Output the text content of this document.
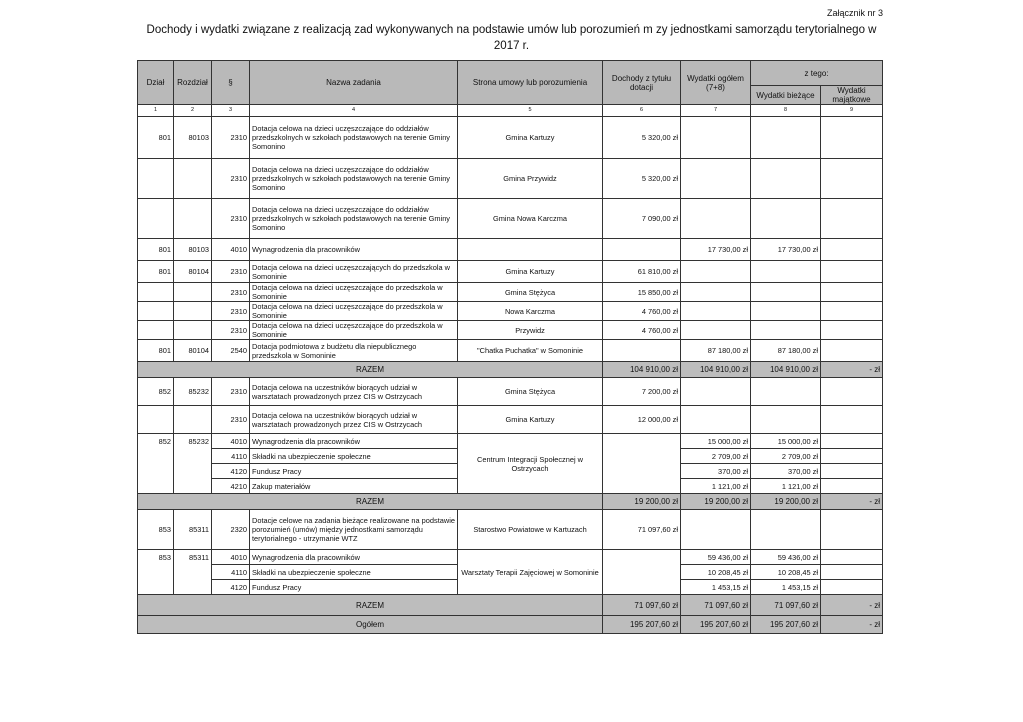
Załącznik nr 3
Dochody i wydatki związane z realizacją zad wykonywanych na podstawie umów lub porozumień m zy jednostkami samorządu terytorialnego w
2017 r.
Dział	Rozdział	§	Nazwa zadania	Strona umowy lub porozumienia	Dochody z tytułu dotacji	Wydatki ogółem (7+8)	z tego:	
							Wydatki bieżące	Wydatki majątkowe
1	2	3	4	5	6	7	8	9
801	80103	2310	Dotacja celowa na dzieci uczęszczające do oddziałów przedszkolnych w szkołach podstawowych na terenie Gminy Somonino	Gmina Kartuzy	5 320,00 zł			
		2310	Dotacja celowa na dzieci uczęszczające do oddziałów przedszkolnych w szkołach podstawowych na terenie Gminy Somonino	Gmina Przywidz	5 320,00 zł			
		2310	Dotacja celowa na dzieci uczęszczające do oddziałów przedszkolnych w szkołach podstawowych na terenie Gminy Somonino	Gmina Nowa Karczma	7 090,00 zł			
801	80103	4010	Wynagrodzenia dla pracowników			17 730,00 zł	17 730,00 zł	
801	80104	2310	Dotacja celowa na dzieci uczęszczających do przedszkola w Somoninie	Gmina Kartuzy	61 810,00 zł			
		2310	Dotacja celowa na dzieci uczęszczające do przedszkola w Somoninie	Gmina Stężyca	15 850,00 zł			
		2310	Dotacja celowa na dzieci uczęszczające do przedszkola w Somoninie	Nowa Karczma	4 760,00 zł			
		2310	Dotacja celowa na dzieci uczęszczające do przedszkola w Somoninie	Przywidz	4 760,00 zł			
801	80104	2540	Dotacja podmiotowa z budżetu dla niepublicznego przedszkola w Somoninie	"Chatka Puchatka" w Somoninie		87 180,00 zł	87 180,00 zł	
RAZEM					104 910,00 zł	104 910,00 zł	104 910,00 zł	- zł
852	85232	2310	Dotacja celowa na uczestników biorących udział w warsztatach prowadzonych przez CIS w Ostrzycach	Gmina Stężyca	7 200,00 zł			
		2310	Dotacja celowa na uczestników biorących udział w warsztatach prowadzonych przez CIS w Ostrzycach	Gmina Kartuzy	12 000,00 zł			
852	85232	4010	Wynagrodzenia dla pracowników	Centrum Integracji Społecznej w Ostrzycach		15 000,00 zł	15 000,00 zł	
		4110	Składki na ubezpieczenie społeczne			2 709,00 zł	2 709,00 zł	
		4120	Fundusz Pracy			370,00 zł	370,00 zł	
		4210	Zakup materiałów			1 121,00 zł	1 121,00 zł	
RAZEM					19 200,00 zł	19 200,00 zł	19 200,00 zł	- zł
853	85311	2320	Dotacje celowe na zadania bieżące realizowane na podstawie porozumień (umów) między jednostkami samorządu terytorialnego - utrzymanie WTZ	Starostwo Powiatowe w Kartuzach	71 097,60 zł			
853	85311	4010	Wynagrodzenia dla pracowników	Warsztaty Terapii Zajęciowej w Somoninie		59 436,00 zł	59 436,00 zł	
		4110	Składki na ubezpieczenie społeczne			10 208,45 zł	10 208,45 zł	
		4120	Fundusz Pracy			1 453,15 zł	1 453,15 zł	
RAZEM					71 097,60 zł	71 097,60 zł	71 097,60 zł	- zł
Ogółem					195 207,60 zł	195 207,60 zł	195 207,60 zł	- zł
